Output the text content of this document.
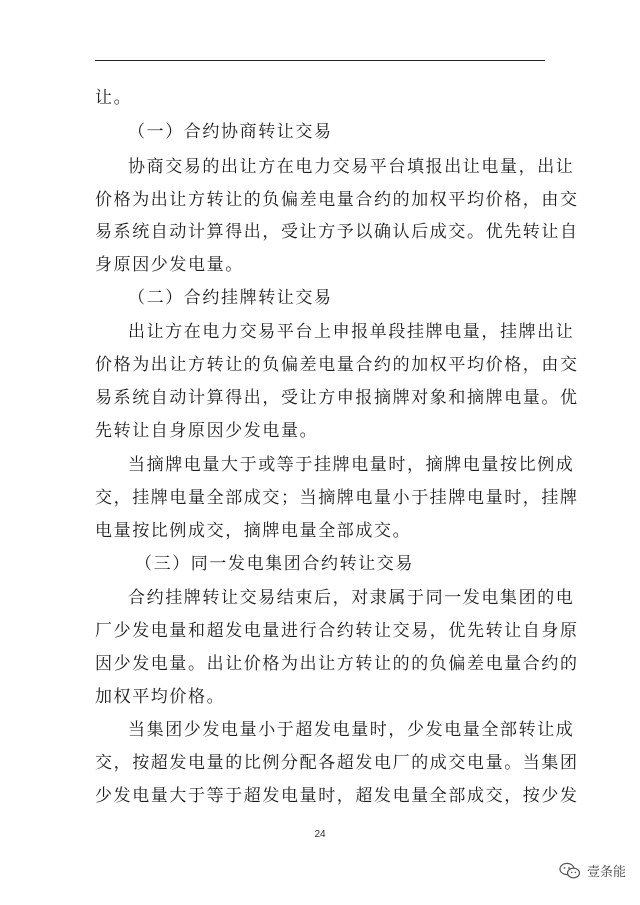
让。
（一）合约协商转让交易
协商交易的出让方在电力交易平台填报出让电量，出让
价格为出让方转让的负偏差电量合约的加权平均价格，由交
易系统自动计算得出，受让方予以确认后成交。优先转让自
身原因少发电量。
（二）合约挂牌转让交易
出让方在电力交易平台上申报单段挂牌电量，挂牌出让
价格为出让方转让的负偏差电量合约的加权平均价格，由交
易系统自动计算得出，受让方申报摘牌对象和摘牌电量。优
先转让自身原因少发电量。
当摘牌电量大于或等于挂牌电量时，摘牌电量按比例成
交，挂牌电量全部成交；当摘牌电量小于挂牌电量时，挂牌
电量按比例成交，摘牌电量全部成交。
（三）同一发电集团合约转让交易
合约挂牌转让交易结束后，对隶属于同一发电集团的电
厂少发电量和超发电量进行合约转让交易，优先转让自身原
因少发电量。出让价格为出让方转让的的负偏差电量合约的
加权平均价格。
当集团少发电量小于超发电量时，少发电量全部转让成
交，按超发电量的比例分配各超发电厂的成交电量。当集团
少发电量大于等于超发电量时，超发电量全部成交，按少发
24
壹条能
